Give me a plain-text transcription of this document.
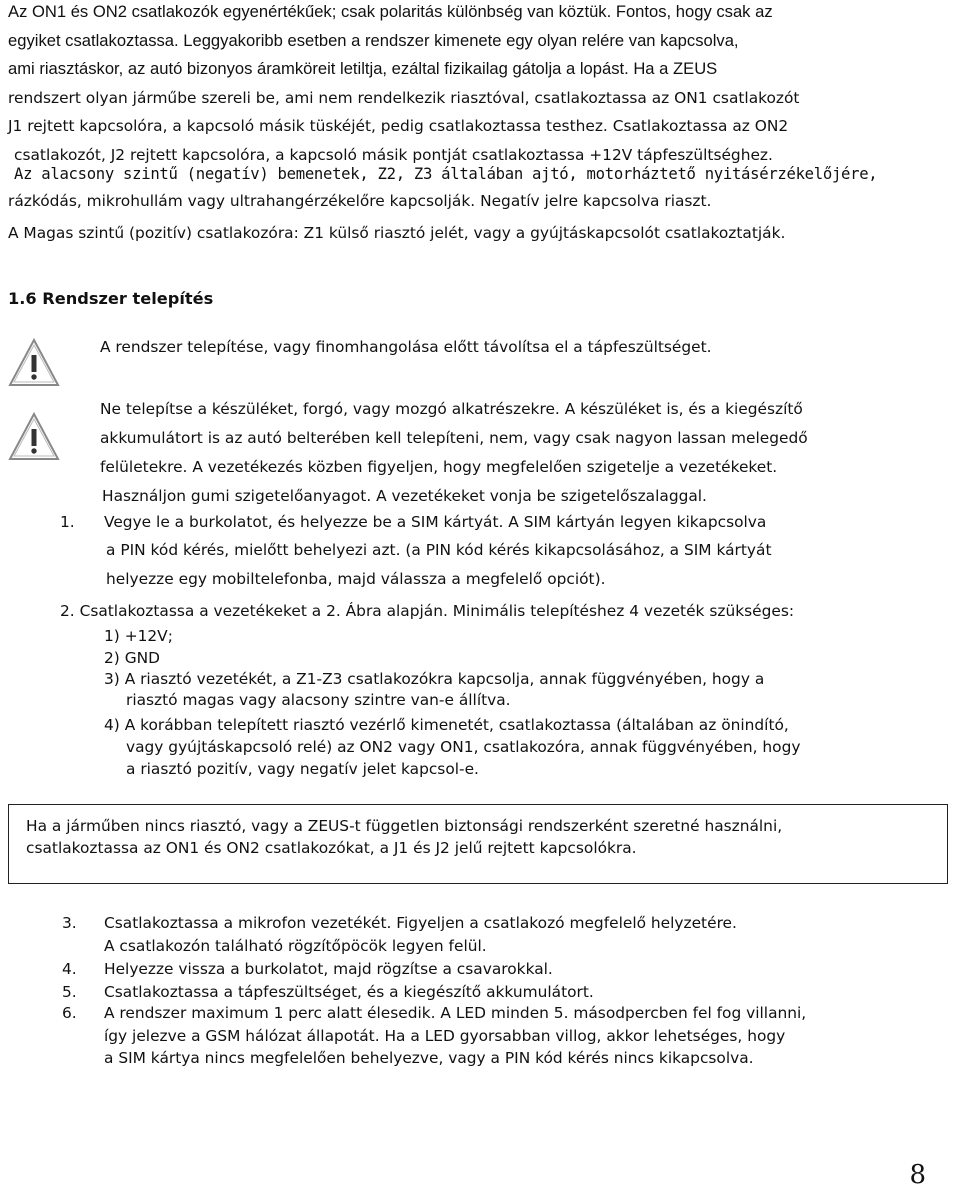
Az ON1 és ON2 csatlakozók egyenértékűek; csak polaritás különbség van köztük. Fontos, hogy csak az
egyiket csatlakoztassa. Leggyakoribb esetben a rendszer kimenete egy olyan relére van kapcsolva,
ami riasztáskor, az autó bizonyos áramköreit letiltja, ezáltal fizikailag gátolja a lopást. Ha a ZEUS
rendszert olyan járműbe szereli be, ami nem rendelkezik riasztóval, csatlakoztassa az ON1 csatlakozót
J1 rejtett kapcsolóra, a kapcsoló másik tüskéjét, pedig csatlakoztassa testhez. Csatlakoztassa az ON2
csatlakozót, J2 rejtett kapcsolóra, a kapcsoló másik pontját csatlakoztassa +12V tápfeszültséghez.
Az alacsony szintű (negatív) bemenetek, Z2, Z3 általában ajtó, motorháztető nyitásérzékelőjére,
rázkódás, mikrohullám vagy ultrahangérzékelőre kapcsolják. Negatív jelre kapcsolva riaszt.
A Magas szintű (pozitív) csatlakozóra: Z1 külső riasztó jelét, vagy a gyújtáskapcsolót csatlakoztatják.
1.6 Rendszer telepítés
A rendszer telepítése, vagy finomhangolása előtt távolítsa el a tápfeszültséget.
Ne telepítse a készüléket, forgó, vagy mozgó alkatrészekre. A készüléket is, és a kiegészítő
akkumulátort is az autó belterében kell telepíteni, nem, vagy csak nagyon lassan melegedő
felületekre. A vezetékezés közben figyeljen, hogy megfelelően szigetelje a vezetékeket.
Használjon gumi szigetelőanyagot. A vezetékeket vonja be szigetelőszalaggal.
1. Vegye le a burkolatot, és helyezze be a SIM kártyát. A SIM kártyán legyen kikapcsolva
a PIN kód kérés, mielőtt behelyezi azt. (a PIN kód kérés kikapcsolásához, a SIM kártyát
helyezze egy mobiltelefonba, majd válassza a megfelelő opciót).
2. Csatlakoztassa a vezetékeket a 2. Ábra alapján. Minimális telepítéshez 4 vezeték szükséges:
1) +12V;
2) GND
3) A riasztó vezetékét, a Z1-Z3 csatlakozókra kapcsolja, annak függvényében, hogy a
riasztó magas vagy alacsony szintre van-e állítva.
4) A korábban telepített riasztó vezérlő kimenetét, csatlakoztassa (általában az önindító,
vagy gyújtáskapcsoló relé) az ON2 vagy ON1, csatlakozóra, annak függvényében, hogy
a riasztó pozitív, vagy negatív jelet kapcsol-e.
Ha a járműben nincs riasztó, vagy a ZEUS-t független biztonsági rendszerként szeretné használni,
csatlakoztassa az ON1 és ON2 csatlakozókat, a J1 és J2 jelű rejtett kapcsolókra.
3. Csatlakoztassa a mikrofon vezetékét. Figyeljen a csatlakozó megfelelő helyzetére.
A csatlakozón található rögzítőpöcök legyen felül.
4. Helyezze vissza a burkolatot, majd rögzítse a csavarokkal.
5. Csatlakoztassa a tápfeszültséget, és a kiegészítő akkumulátort.
6. A rendszer maximum 1 perc alatt élesedik. A LED minden 5. másodpercben fel fog villanni,
így jelezve a GSM hálózat állapotát. Ha a LED gyorsabban villog, akkor lehetséges, hogy
a SIM kártya nincs megfelelően behelyezve, vagy a PIN kód kérés nincs kikapcsolva.
8
